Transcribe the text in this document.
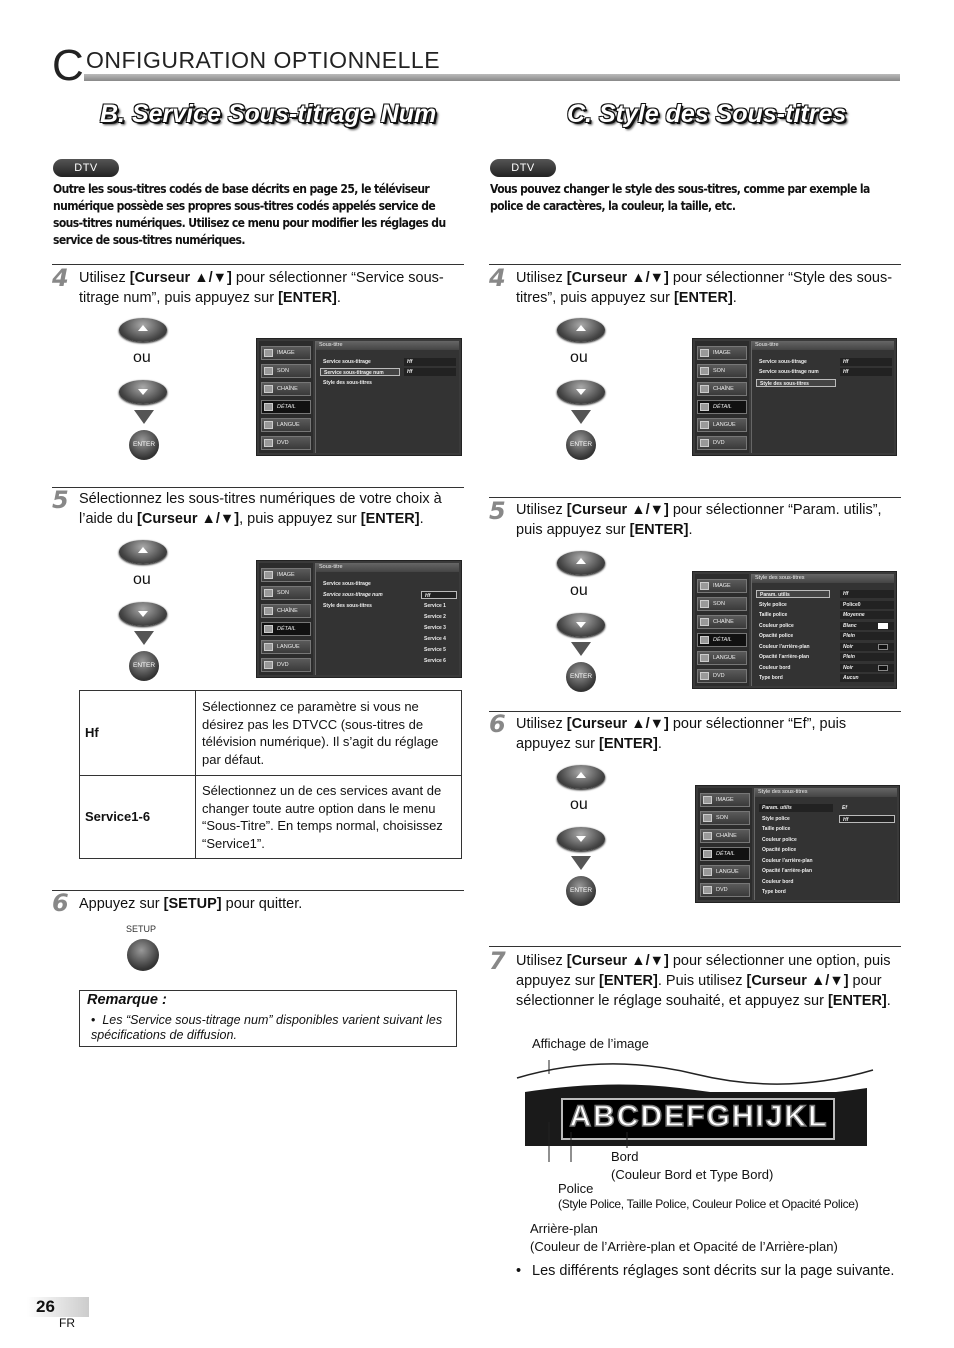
C ONFIGURATION OPTIONNELLE
B. Service Sous-titrage Num
DTV
Outre les sous-titres codés de base décrits en page 25, le téléviseur numérique possède ses propres sous-titres codés appelés service de sous-titres numériques. Utilisez ce menu pour modifier les réglages du service de sous-titres numériques.
4 Utilisez [Curseur ▲/▼] pour sélectionner “Service sous-titrage num”, puis appuyez sur [ENTER].
ou
ENTER
IMAGE
SON
CHAÎNE
DÉTAIL
LANGUE
DVD
Sous-titre
Service sous-titrage
Service sous-titrage num
Style des sous-titres
Hf
Hf
5 Sélectionnez les sous-titres numériques de votre choix à l’aide du [Curseur ▲/▼], puis appuyez sur [ENTER].
ou
ENTER
IMAGE
SON
CHAÎNE
DÉTAIL
LANGUE
DVD
Sous-titre
Service sous-titrage
Service sous-titrage num
Style des sous-titres
Hf
Service 1
Service 2
Service 3
Service 4
Service 5
Service 6
Hf	Sélectionnez ce paramètre si vous ne désirez pas les DTVCC (sous-titres de télévision numérique). Il s’agit du réglage par défaut.
Service1-6	Sélectionnez un de ces services avant de changer toute autre option dans le menu “Sous-Titre”. En temps normal, choisissez “Service1”.
6 Appuyez sur [SETUP] pour quitter.
SETUP
Remarque :
•  Les “Service sous-titrage num” disponibles varient suivant les spécifications de diffusion.
C. Style des Sous-titres
DTV
Vous pouvez changer le style des sous-titres, comme par exemple la police de caractères, la couleur, la taille, etc.
4 Utilisez [Curseur ▲/▼] pour sélectionner “Style des sous-titres”, puis appuyez sur [ENTER].
ou
ENTER
IMAGE
SON
CHAÎNE
DÉTAIL
LANGUE
DVD
Sous-titre
Service sous-titrage
Service sous-titrage num
Style des sous-titres
Hf
Hf
5 Utilisez [Curseur ▲/▼] pour sélectionner “Param. utilis”, puis appuyez sur [ENTER].
ou
ENTER
IMAGE
SON
CHAÎNE
DÉTAIL
LANGUE
DVD
Style des sous-titres
Param. utilis
Style police
Taille police
Couleur police
Opacité police
Couleur l’arrière-plan
Opacité l’arrière-plan
Couleur bord
Type bord
Hf
Police0
Moyenne
Blanc
Plein
Noir
Plein
Noir
Aucun
6 Utilisez [Curseur ▲/▼] pour sélectionner “Ef”, puis appuyez sur [ENTER].
ou
ENTER
IMAGE
SON
CHAÎNE
DÉTAIL
LANGUE
DVD
Style des sous-titres
Param. utilis
Style police
Taille police
Couleur police
Opacité police
Couleur l’arrière-plan
Opacité l’arrière-plan
Couleur bord
Type bord
Ef
Hf
7 Utilisez [Curseur ▲/▼] pour sélectionner une option, puis appuyez sur [ENTER]. Puis utilisez [Curseur ▲/▼] pour sélectionner le réglage souhaité, et appuyez sur [ENTER].
Affichage de l’image
ABCDEFGHIJKL
Bord
(Couleur Bord et Type Bord)
Police
(Style Police, Taille Police, Couleur Police et Opacité Police)
Arrière-plan
(Couleur de l’Arrière-plan et Opacité de l’Arrière-plan)
• Les différents réglages sont décrits sur la page suivante.
26
FR
